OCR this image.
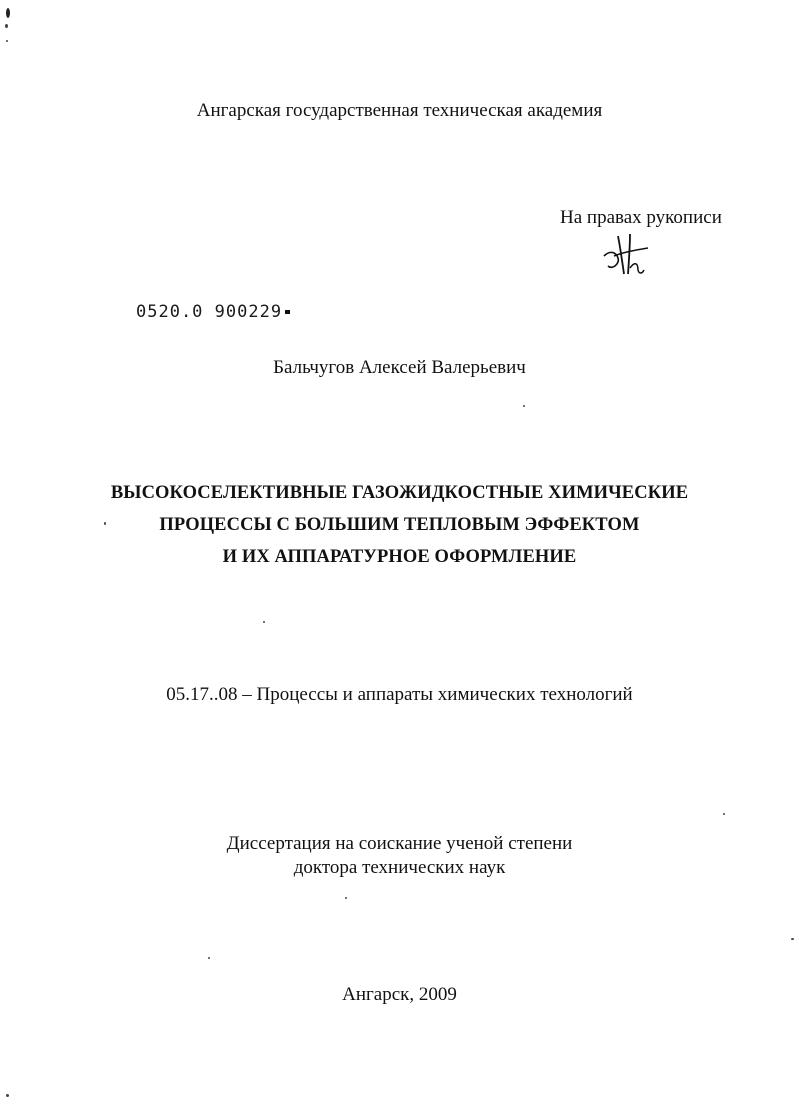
Ангарская государственная техническая академия
На правах рукописи
0520.0 900229
Бальчугов Алексей Валерьевич
ВЫСОКОСЕЛЕКТИВНЫЕ ГАЗОЖИДКОСТНЫЕ ХИМИЧЕСКИЕ
ПРОЦЕССЫ С БОЛЬШИМ ТЕПЛОВЫМ ЭФФЕКТОМ
И ИХ АППАРАТУРНОЕ ОФОРМЛЕНИЕ
05.17..08 – Процессы и аппараты химических технологий
Диссертация на соискание ученой степени
доктора технических наук
Ангарск, 2009
